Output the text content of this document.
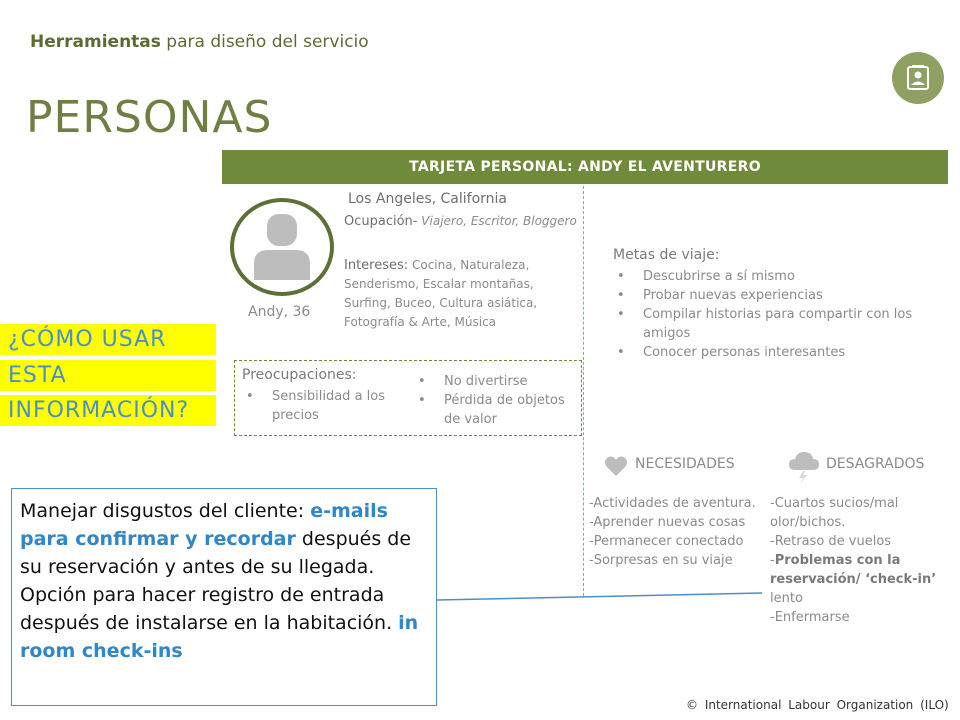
Herramientas para diseño del servicio
PERSONAS
TARJETA PERSONAL: ANDY EL AVENTURERO
Andy, 36
Los Angeles, California
Ocupación- Viajero, Escritor, Bloggero
Intereses: Cocina, Naturaleza, Senderismo, Escalar montañas, Surfing, Buceo, Cultura asiática, Fotografía & Arte, Música
Metas de viaje:
• Descubrirse a sí mismo
• Probar nuevas experiencias
• Compilar historias para compartir con los amigos
• Conocer personas interesantes
Preocupaciones:
• Sensibilidad a los precios
• No divertirse
• Pérdida de objetos de valor
¿CÓMO USAR
ESTA
INFORMACIÓN?
NECESIDADES	DESAGRADOS
-Actividades de aventura.
-Aprender nuevas cosas
-Permanecer conectado
-Sorpresas en su viaje
-Cuartos sucios/mal olor/bichos.
-Retraso de vuelos
-Problemas con la reservación/ ‘check-in’ lento
-Enfermarse
Manejar disgustos del cliente: e-mails para confirmar y recordar después de su reservación y antes de su llegada.
Opción para hacer registro de entrada después de instalarse en la habitación. in room check-ins
© International Labour Organization (ILO)
